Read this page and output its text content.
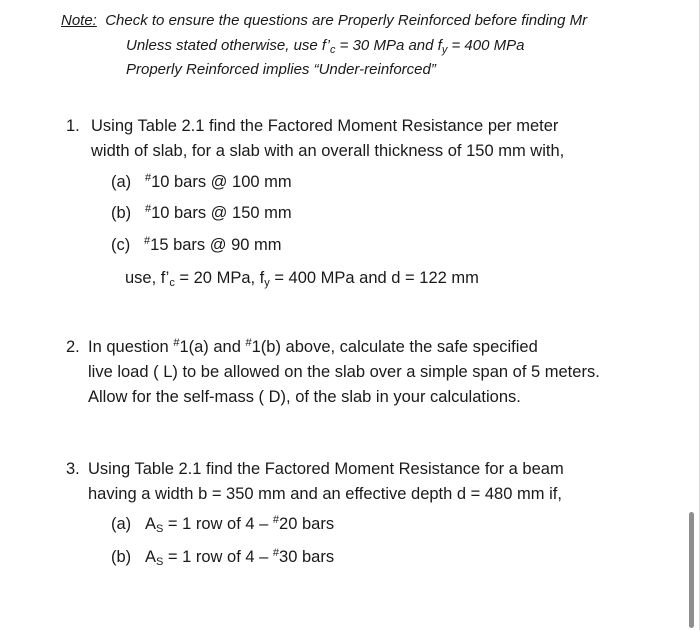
Note: Check to ensure the questions are Properly Reinforced before finding Mr
Unless stated otherwise, use $f’_c = 30$ MPa and $f_y = 400$ MPa
Properly Reinforced implies “Under-reinforced”
1. Using Table 2.1 find the Factored Moment Resistance per meter
width of slab, for a slab with an overall thickness of 150 mm with,
(a) #10 bars @ 100 mm
(b) #10 bars @ 150 mm
(c) #15 bars @ 90 mm
use, $f’_c = 20$ MPa, $f_y = 400$ MPa and d = 122 mm
2. In question #1(a) and #1(b) above, calculate the safe specified
live load ( L) to be allowed on the slab over a simple span of 5 meters.
Allow for the self-mass ( D), of the slab in your calculations.
3. Using Table 2.1 find the Factored Moment Resistance for a beam
having a width b = 350 mm and an effective depth d = 480 mm if,
(a) $A_S = 1$ row of 4 – #20 bars
(b) $A_S = 1$ row of 4 – #30 bars
